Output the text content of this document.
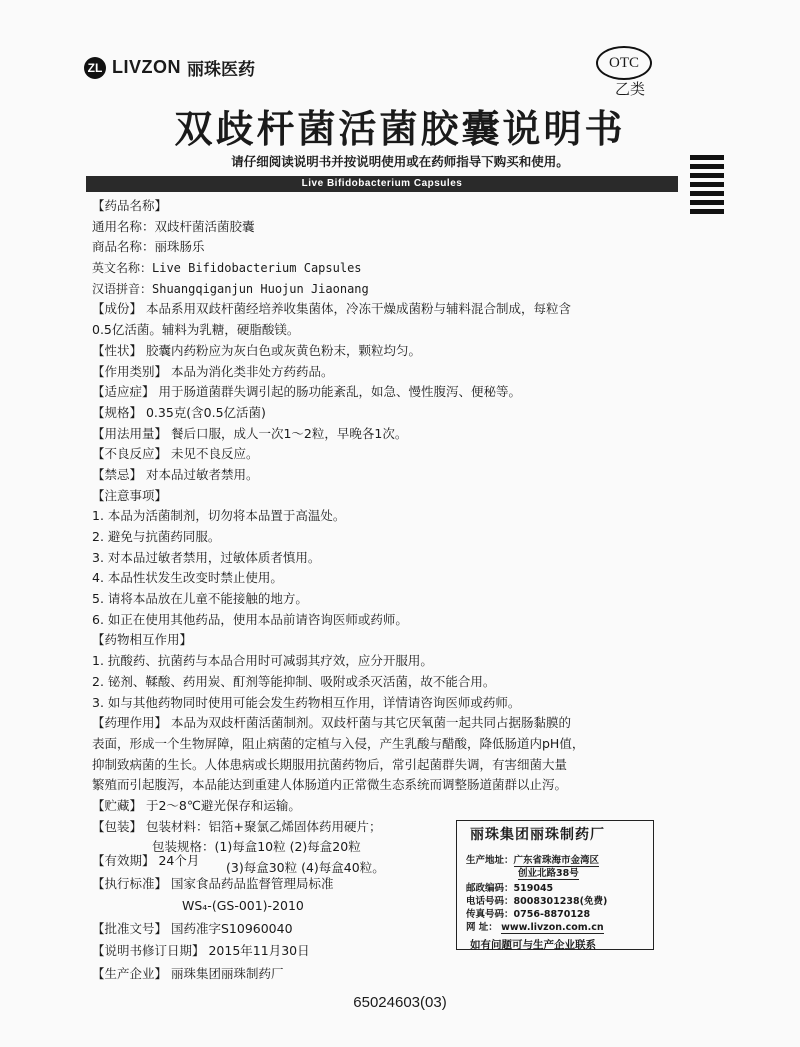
ZL LIVZON 丽珠医药	OTC
乙类
双歧杆菌活菌胶囊说明书
请仔细阅读说明书并按说明使用或在药师指导下购买和使用。
Live Bifidobacterium Capsules
【药品名称】
通用名称：双歧杆菌活菌胶囊
商品名称：丽珠肠乐
英文名称：Live Bifidobacterium Capsules
汉语拼音：Shuangqiganjun Huojun Jiaonang
【成份】 本品系用双歧杆菌经培养收集菌体，冷冻干燥成菌粉与辅料混合制成，每粒含
0.5亿活菌。辅料为乳糖，硬脂酸镁。
【性状】 胶囊内药粉应为灰白色或灰黄色粉末，颗粒均匀。
【作用类别】 本品为消化类非处方药药品。
【适应症】 用于肠道菌群失调引起的肠功能紊乱，如急、慢性腹泻、便秘等。
【规格】 0.35克(含0.5亿活菌)
【用法用量】 餐后口服，成人一次1～2粒，早晚各1次。
【不良反应】 未见不良反应。
【禁忌】 对本品过敏者禁用。
【注意事项】
1. 本品为活菌制剂，切勿将本品置于高温处。
2. 避免与抗菌药同服。
3. 对本品过敏者禁用，过敏体质者慎用。
4. 本品性状发生改变时禁止使用。
5. 请将本品放在儿童不能接触的地方。
6. 如正在使用其他药品，使用本品前请咨询医师或药师。
【药物相互作用】
1. 抗酸药、抗菌药与本品合用时可减弱其疗效，应分开服用。
2. 铋剂、鞣酸、药用炭、酊剂等能抑制、吸附或杀灭活菌，故不能合用。
3. 如与其他药物同时使用可能会发生药物相互作用，详情请咨询医师或药师。
【药理作用】 本品为双歧杆菌活菌制剂。双歧杆菌与其它厌氧菌一起共同占据肠黏膜的
表面，形成一个生物屏障，阻止病菌的定植与入侵，产生乳酸与醋酸，降低肠道内pH值，
抑制致病菌的生长。人体患病或长期服用抗菌药物后，常引起菌群失调，有害细菌大量
繁殖而引起腹泻，本品能达到重建人体肠道内正常微生态系统而调整肠道菌群以止泻。
【贮藏】 于2～8℃避光保存和运输。
【包装】 包装材料：铝箔+聚氯乙烯固体药用硬片；
包装规格：(1)每盒10粒 (2)每盒20粒
(3)每盒30粒 (4)每盒40粒。
【有效期】 24个月
【执行标准】 国家食品药品监督管理局标准
WS₄-(GS-001)-2010
【批准文号】 国药准字S10960040
【说明书修订日期】 2015年11月30日
【生产企业】 丽珠集团丽珠制药厂
丽珠集团丽珠制药厂
生产地址：广东省珠海市金湾区
创业北路38号
邮政编码：519045
电话号码：8008301238(免费)
传真号码：0756-8870128
网 址： www.livzon.com.cn
如有问题可与生产企业联系
65024603(03)
